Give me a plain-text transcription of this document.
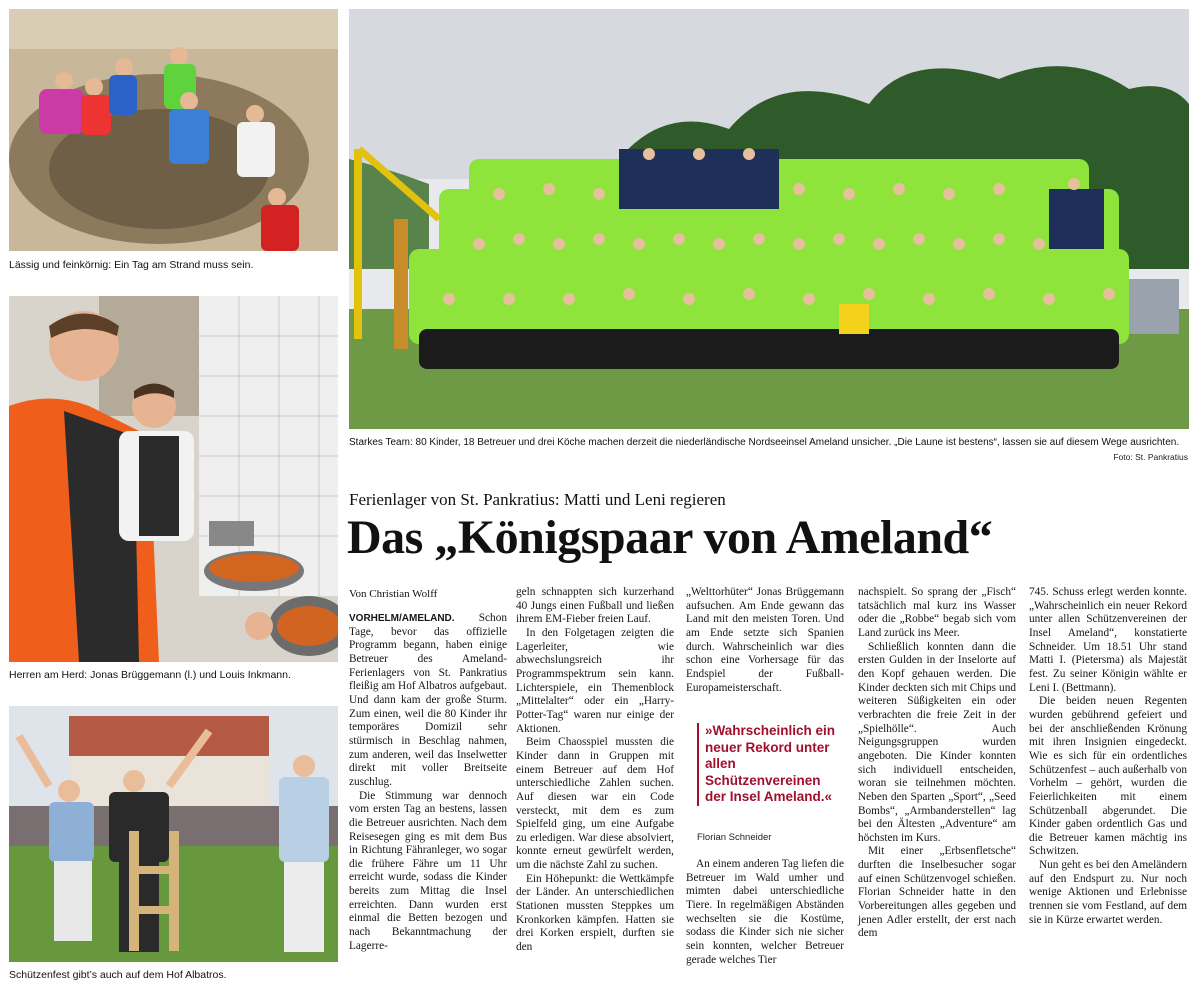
Lässig und feinkörnig: Ein Tag am Strand muss sein.
Starkes Team: 80 Kinder, 18 Betreuer und drei Köche machen derzeit die niederländische Nordseeinsel Ameland unsicher. „Die Laune ist bestens“, lassen sie auf diesem Wege ausrichten.
Foto: St. Pankratius
Herren am Herd: Jonas Brüggemann (l.) und Louis Inkmann.
Schützenfest gibt’s auch auf dem Hof Albatros.
Ferienlager von St. Pankratius: Matti und Leni regieren
Das „Königspaar von Ameland“
Von Christian Wolff

VORHELM/AMELAND. Schon Tage, bevor das offizielle Programm begann, haben einige Betreuer des Ameland-Ferienlagers von St. Pankratius fleißig am Hof Albatros aufgebaut. Und dann kam der große Sturm. Zum einen, weil die 80 Kinder ihr temporäres Domizil sehr stürmisch in Beschlag nahmen, zum anderen, weil das Inselwetter direkt mit voller Breitseite zuschlug.

Die Stimmung war dennoch vom ersten Tag an bestens, lassen die Betreuer ausrichten. Nach dem Reisesegen ging es mit dem Bus in Richtung Fähranleger, wo sogar die frühere Fähre um 11 Uhr erreicht wurde, sodass die Kinder bereits zum Mittag die Insel erreichten. Dann wurden erst einmal die Betten bezogen und nach Bekanntmachung der Lagerre-

geln schnappten sich kurzerhand 40 Jungs einen Fußball und ließen ihrem EM-Fieber freien Lauf.

In den Folgetagen zeigten die Lagerleiter, wie abwechslungsreich ihr Programmspektrum sein kann. Lichterspiele, ein Themenblock „Mittelalter“ oder ein „Harry-Potter-Tag“ waren nur einige der Aktionen.

Beim Chaosspiel mussten die Kinder dann in Gruppen mit einem Betreuer auf dem Hof unterschiedliche Zahlen suchen. Auf diesen war ein Code versteckt, mit dem es zum Spielfeld ging, um eine Aufgabe zu erledigen. War diese absolviert, konnte erneut gewürfelt werden, um die nächste Zahl zu suchen.

Ein Höhepunkt: die Wettkämpfe der Länder. An unterschiedlichen Stationen mussten Steppkes um Kronkorken kämpfen. Hatten sie drei Korken erspielt, durften sie den

„Welttorhüter“ Jonas Brüggemann aufsuchen. Am Ende gewann das Land mit den meisten Toren. Und am Ende setzte sich Spanien durch. Wahrscheinlich war dies schon eine Vorhersage für das Endspiel der Fußball-Europameisterschaft.

»Wahrscheinlich ein neuer Rekord unter allen Schützenvereinen der Insel Ameland.«
Florian Schneider

An einem anderen Tag liefen die Betreuer im Wald umher und mimten dabei unterschiedliche Tiere. In regelmäßigen Abständen wechselten sie die Kostüme, sodass die Kinder sich nie sicher sein konnten, welcher Betreuer gerade welches Tier

nachspielt. So sprang der „Fisch“ tatsächlich mal kurz ins Wasser oder die „Robbe“ begab sich vom Land zurück ins Meer.

Schließlich konnten dann die ersten Gulden in der Inselorte auf den Kopf gehauen werden. Die Kinder deckten sich mit Chips und weiteren Süßigkeiten ein oder verbrachten die freie Zeit in der „Spielhölle“. Auch Neigungsgruppen wurden angeboten. Die Kinder konnten sich individuell entscheiden, woran sie teilnehmen möchten. Neben den Sparten „Sport“, „Seed Bombs“, „Armbanderstellen“ lag bei den Ältesten „Adventure“ am höchsten im Kurs.

Mit einer „Erbsenfletsche“ durften die Inselbesucher sogar auf einen Schützenvogel schießen. Florian Schneider hatte in den Vorbereitungen alles gegeben und jenen Adler erstellt, der erst nach dem

745. Schuss erlegt werden konnte. „Wahrscheinlich ein neuer Rekord unter allen Schützenvereinen der Insel Ameland“, konstatierte Schneider. Um 18.51 Uhr stand Matti I. (Pietersma) als Majestät fest. Zu seiner Königin wählte er Leni I. (Bettmann).

Die beiden neuen Regenten wurden gebührend gefeiert und bei der anschließenden Krönung mit ihren Insignien eingedeckt. Wie es sich für ein ordentliches Schützenfest – auch außerhalb von Vorhelm – gehört, wurden die Feierlichkeiten mit einem Schützenball abgerundet. Die Kinder gaben ordentlich Gas und die Betreuer kamen mächtig ins Schwitzen.

Nun geht es bei den Ameländern auf den Endspurt zu. Nur noch wenige Aktionen und Erlebnisse trennen sie vom Festland, auf dem sie in Kürze erwartet werden.
